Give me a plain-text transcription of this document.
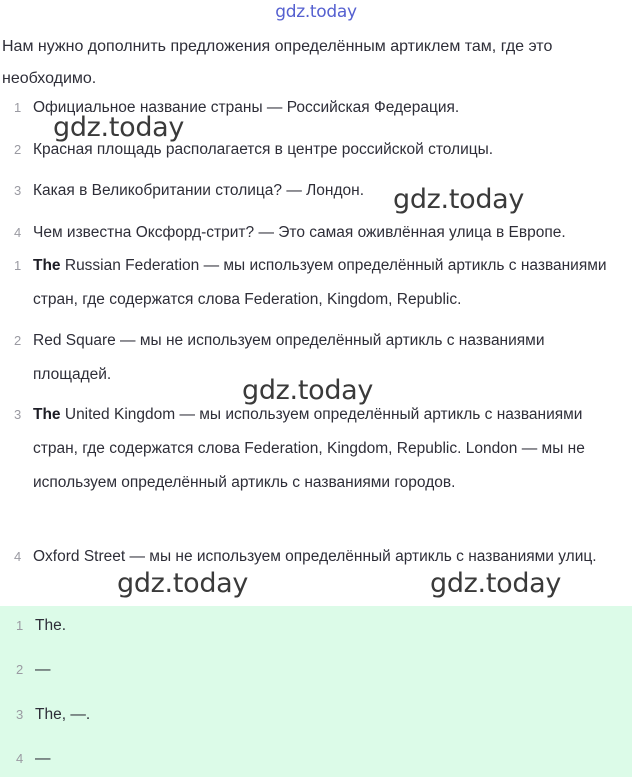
gdz.today
Нам нужно дополнить предложения определённым артиклем там, где это необходимо.
1 Официальное название страны — Российская Федерация.
2 Красная площадь располагается в центре российской столицы.
3 Какая в Великобритании столица? — Лондон.
4 Чем известна Оксфорд-стрит? — Это самая оживлённая улица в Европе.
1 The Russian Federation — мы используем определённый артикль с названиями стран, где содержатся слова Federation, Kingdom, Republic.
2 Red Square — мы не используем определённый артикль с названиями площадей.
3 The United Kingdom — мы используем определённый артикль с названиями стран, где содержатся слова Federation, Kingdom, Republic. London — мы не используем определённый артикль с названиями городов.
4 Oxford Street — мы не используем определённый артикль с названиями улиц.
1 The.
2 —
3 The, —.
4 —
gdz.today
gdz.today
gdz.today
gdz.today	gdz.today
